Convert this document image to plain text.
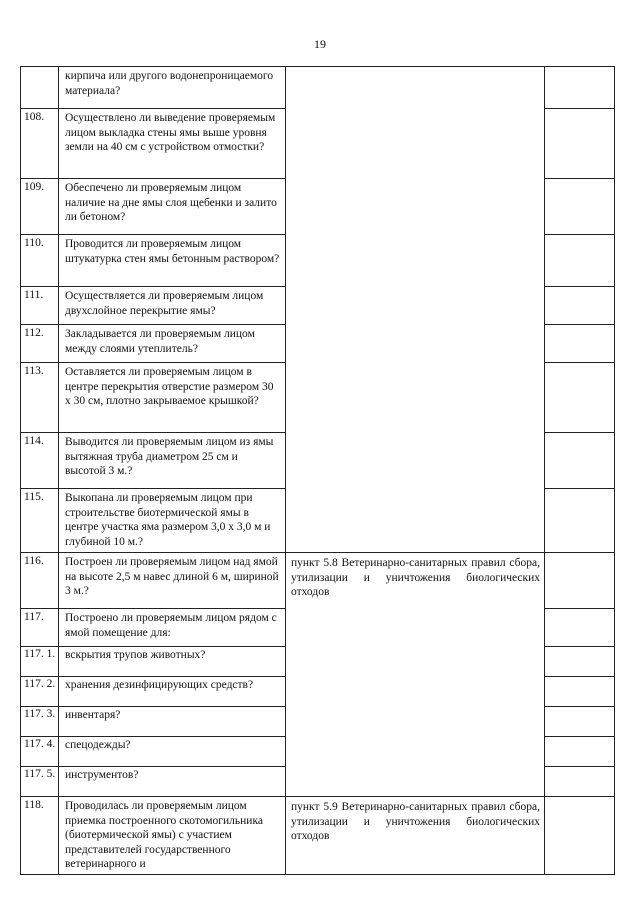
19
	кирпича или другого водонепроницаемого материала?		
108.	Осуществлено ли выведение проверяемым лицом выкладка стены ямы выше уровня земли на 40 см с устройством отмостки?		
109.	Обеспечено ли проверяемым лицом наличие на дне ямы слоя щебенки и залито ли бетоном?		
110.	Проводится ли проверяемым лицом штукатурка стен ямы бетонным раствором?		
111.	Осуществляется ли проверяемым лицом двухслойное перекрытие ямы?		
112.	Закладывается ли проверяемым лицом между слоями утеплитель?		
113.	Оставляется ли проверяемым лицом в центре перекрытия отверстие размером 30 х 30 см, плотно закрываемое крышкой?		
114.	Выводится ли проверяемым лицом из ямы вытяжная труба диаметром 25 см и высотой 3 м.?		
115.	Выкопана ли проверяемым лицом при строительстве биотермической ямы в центре участка яма размером 3,0 х 3,0 м и глубиной 10 м.?		
116.	Построен ли проверяемым лицом над ямой на высоте 2,5 м навес длиной 6 м, шириной 3 м.?	пункт 5.8 Ветеринарно-санитарных правил сбора, утилизации и уничтожения биологических отходов	
117.	Построено ли проверяемым лицом рядом с ямой помещение для:		
117. 1.	вскрытия трупов животных?		
117. 2.	хранения дезинфицирующих средств?		
117. 3.	инвентаря?		
117. 4.	спецодежды?		
117. 5.	инструментов?		
118.	Проводилась ли проверяемым лицом приемка построенного скотомогильника (биотермической ямы) с участием представителей государственного ветеринарного и	пункт 5.9 Ветеринарно-санитарных правил сбора, утилизации и уничтожения биологических отходов	
